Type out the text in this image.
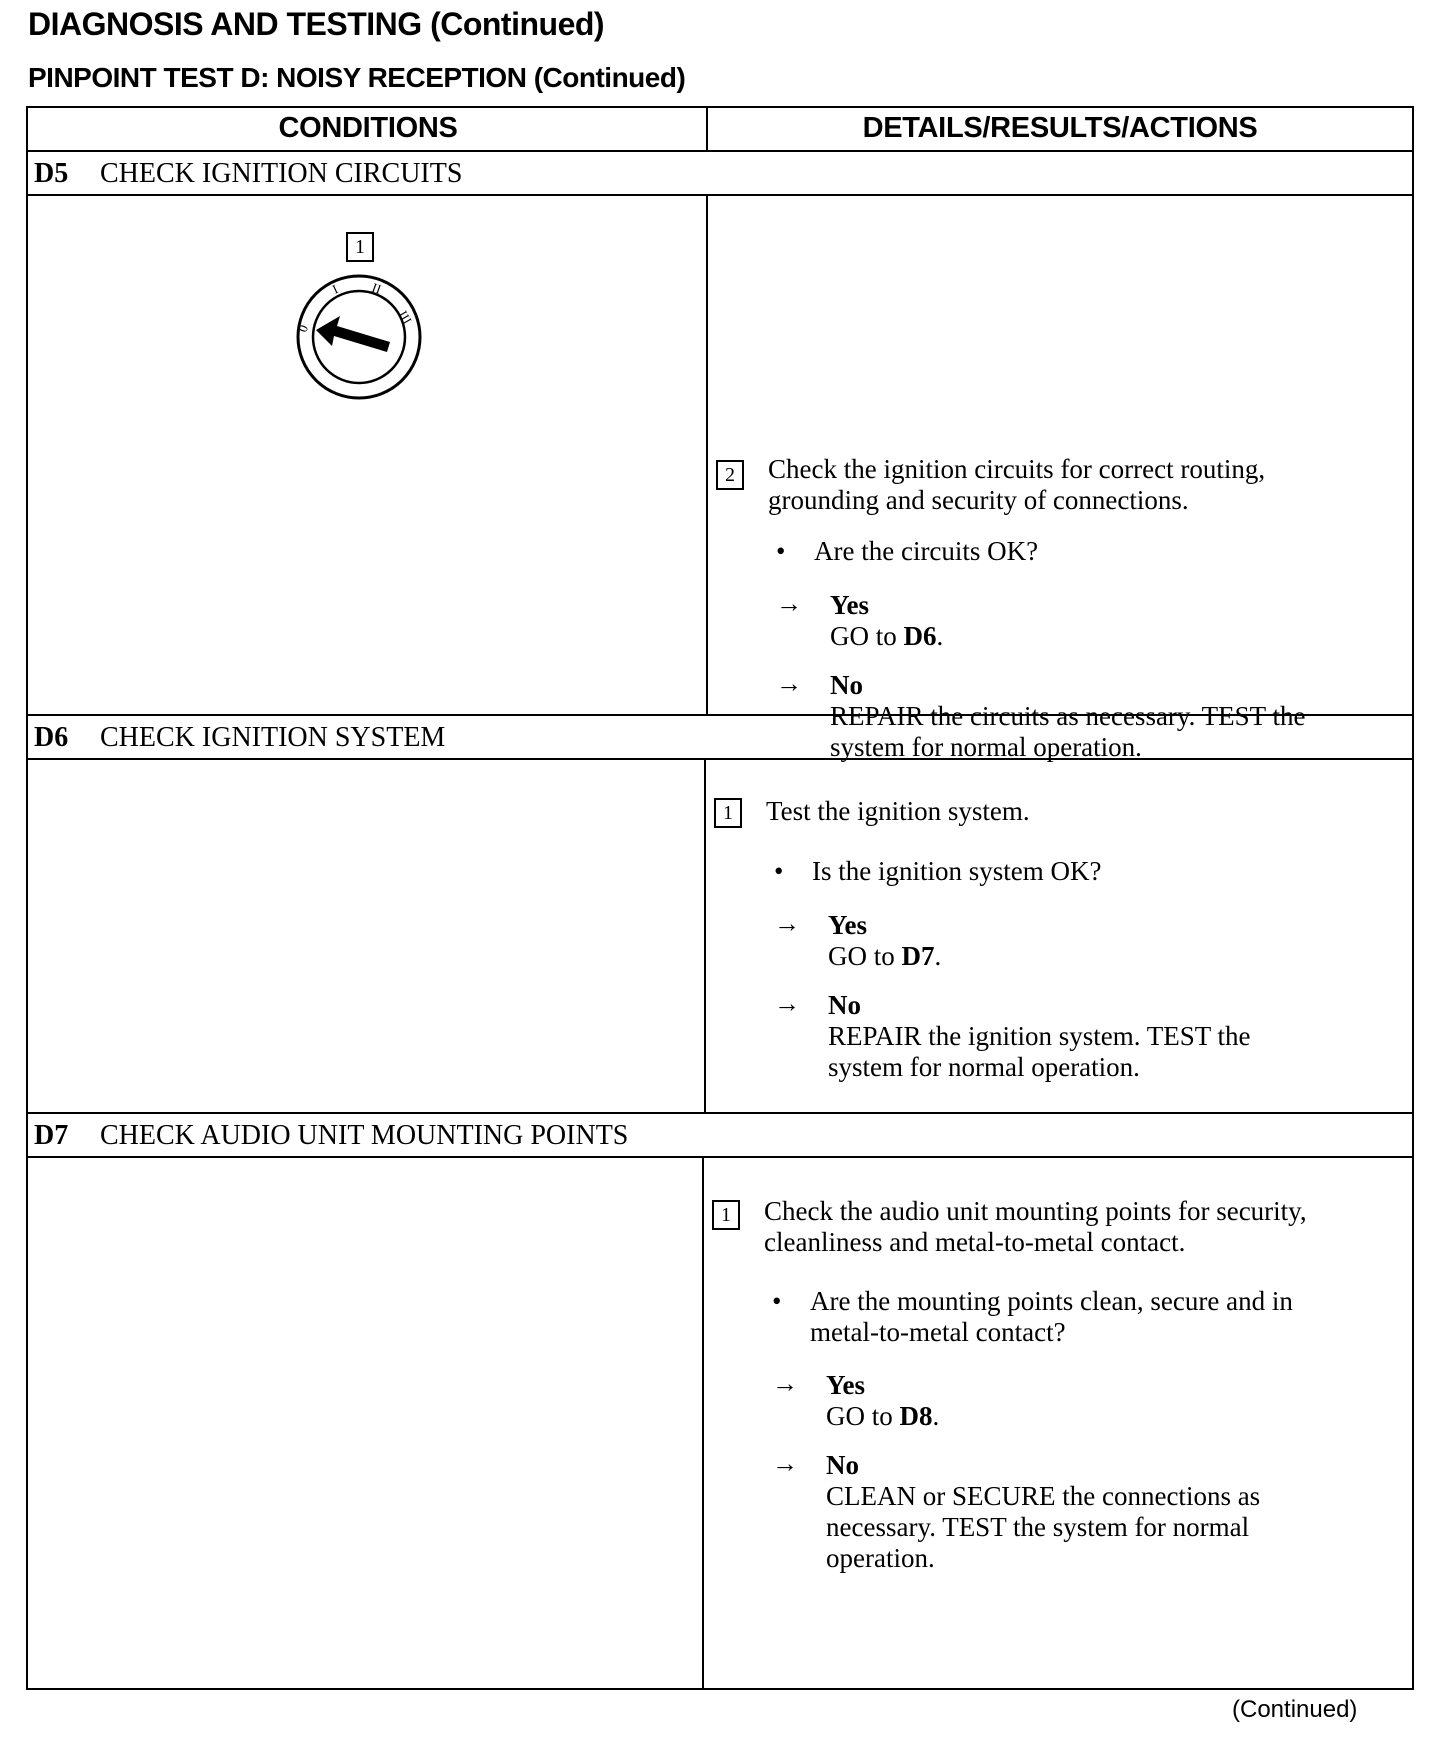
DIAGNOSIS AND TESTING (Continued)
PINPOINT TEST D: NOISY RECEPTION (Continued)
CONDITIONS	DETAILS/RESULTS/ACTIONS
D5 CHECK IGNITION CIRCUITS
1
0
I II
III
2	Check the ignition circuits for correct routing,
grounding and security of connections.
• Are the circuits OK?
→ Yes
GO to D6.
→ No
REPAIR the circuits as necessary. TEST the
system for normal operation.
D6 CHECK IGNITION SYSTEM
1	Test the ignition system.
• Is the ignition system OK?
→ Yes
GO to D7.
→ No
REPAIR the ignition system. TEST the
system for normal operation.
D7 CHECK AUDIO UNIT MOUNTING POINTS
1	Check the audio unit mounting points for security,
cleanliness and metal-to-metal contact.
• Are the mounting points clean, secure and in
metal-to-metal contact?
→ Yes
GO to D8.
→ No
CLEAN or SECURE the connections as
necessary. TEST the system for normal
operation.
(Continued)
